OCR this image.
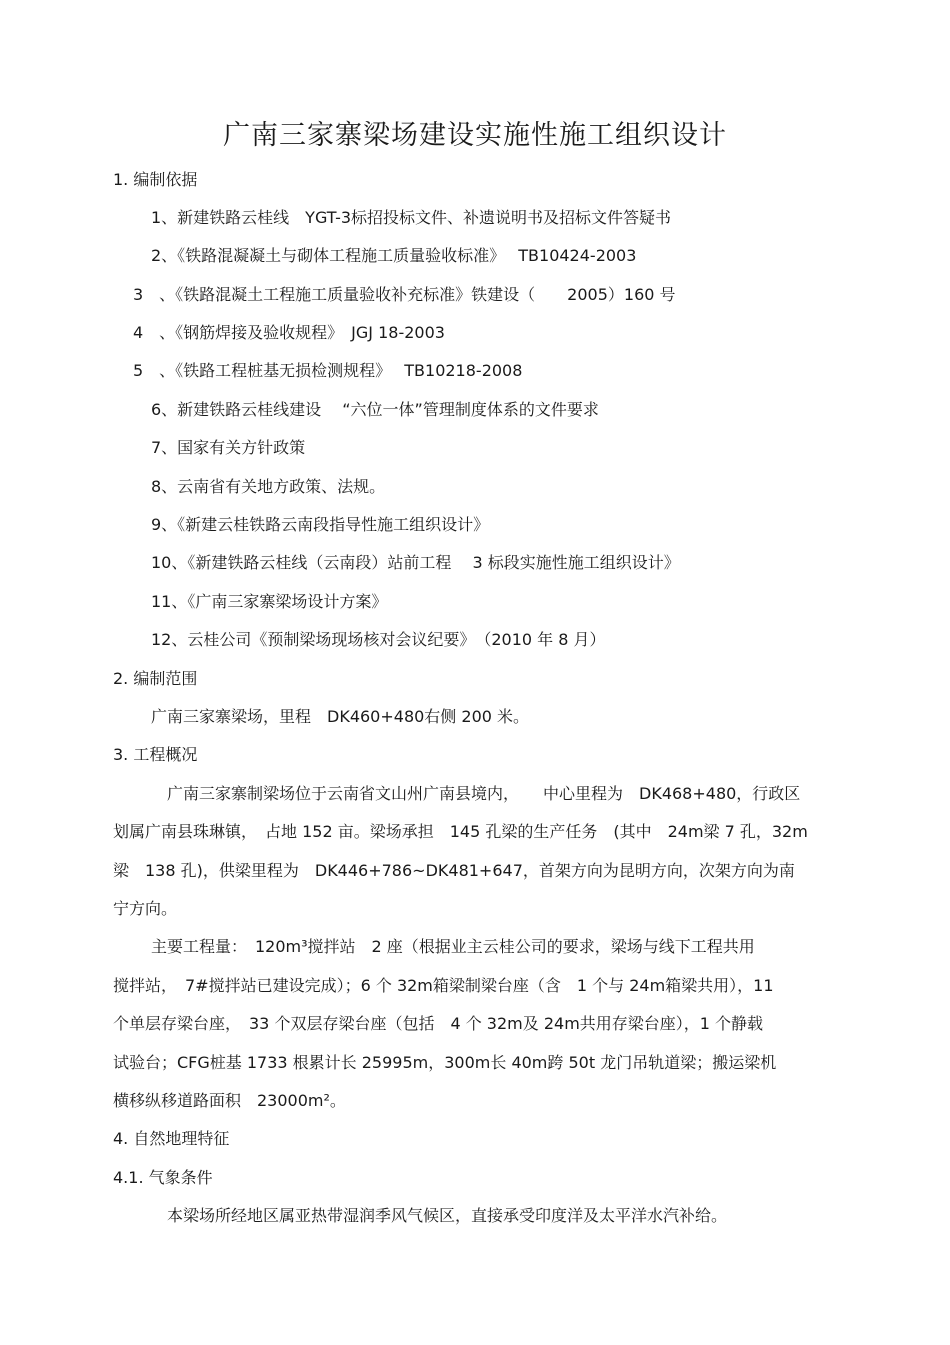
广南三家寨梁场建设实施性施工组织设计
1. 编制依据
1、新建铁路云桂线　YGT-3标招投标文件、补遗说明书及招标文件答疑书
2、《铁路混凝凝土与砌体工程施工质量验收标准》　 TB10424-2003
3　、《铁路混凝土工程施工质量验收补充标准》铁建设（　　2005）160 号
4　、《钢筋焊接及验收规程》　JGJ 18-2003
5　、《铁路工程桩基无损检测规程》　 TB10218-2008
6、新建铁路云桂线建设　 “六位一体”管理制度体系的文件要求
7、国家有关方针政策
8、云南省有关地方政策、法规。
9、《新建云桂铁路云南段指导性施工组织设计》
10、《新建铁路云桂线（云南段）站前工程　 3 标段实施性施工组织设计》
11、《广南三家寨梁场设计方案》
12、云桂公司《预制梁场现场核对会议纪要》　（2010 年 8 月）
2. 编制范围
广南三家寨梁场，里程　DK460+480右侧 200 米。
3. 工程概况
　广南三家寨制梁场位于云南省文山州广南县境内，　　中心里程为　DK468+480，行政区
划属广南县珠琳镇，　占地 152 亩。梁场承担　145 孔梁的生产任务　(其中　24m梁 7 孔，32m
梁　138 孔)，供梁里程为　DK446+786~DK481+647，首架方向为昆明方向，次架方向为南
宁方向。
主要工程量：　120m³搅拌站　2 座（根据业主云桂公司的要求，梁场与线下工程共用
搅拌站，　7#搅拌站已建设完成）；6 个 32m箱梁制梁台座（含　1 个与 24m箱梁共用），11
个单层存梁台座，　33 个双层存梁台座（包括　4 个 32m及 24m共用存梁台座），1 个静载
试验台；CFG桩基 1733 根累计长 25995m，300m长 40m跨 50t 龙门吊轨道梁；搬运梁机
横移纵移道路面积　23000m²。
4. 自然地理特征
4.1. 气象条件
　本梁场所经地区属亚热带湿润季风气候区，直接承受印度洋及太平洋水汽补给。
